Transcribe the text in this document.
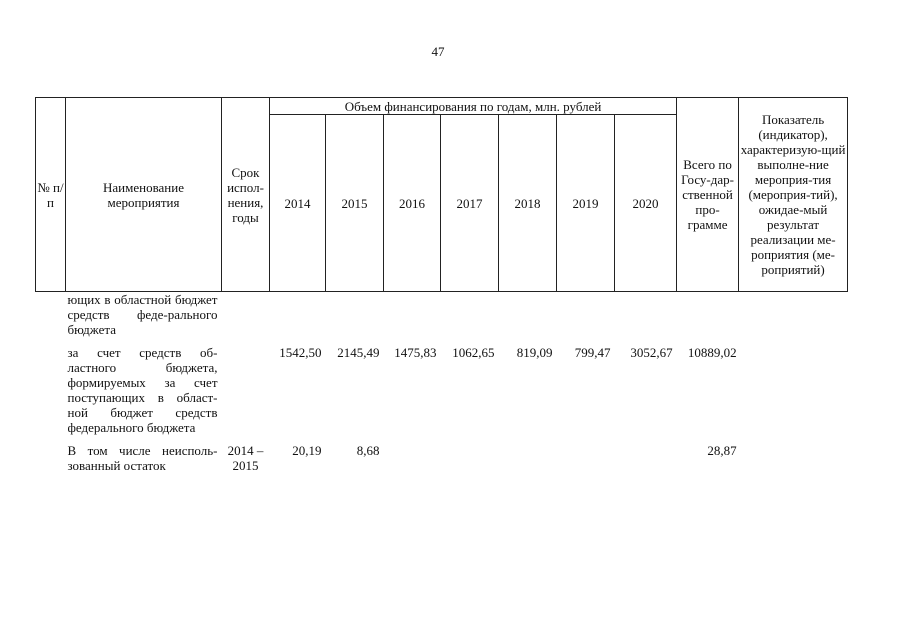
47
№ п/п	Наименование мероприятия	Срок испол-нения, годы	Объем финансирования по годам, млн. рублей							Всего по Госу-дар-ственной про-грамме	Показатель (индикатор), характеризую-щий выполне-ние мероприя-тия (мероприя-тий), ожидае-мый результат реализации ме-роприятия (ме-роприятий)
			2014	2015	2016	2017	2018	2019	2020		
	ющих в областной бюджет средств феде-рального бюджета										

	за счет средств об-ластного бюджета, формируемых за счет поступающих в област-ной бюджет средств федерального бюджета		1542,50	2145,49	1475,83	1062,65	819,09	799,47	3052,67	10889,02	

	В том числе неисполь-зованный остаток	2014 – 2015	20,19	8,68						28,87	
